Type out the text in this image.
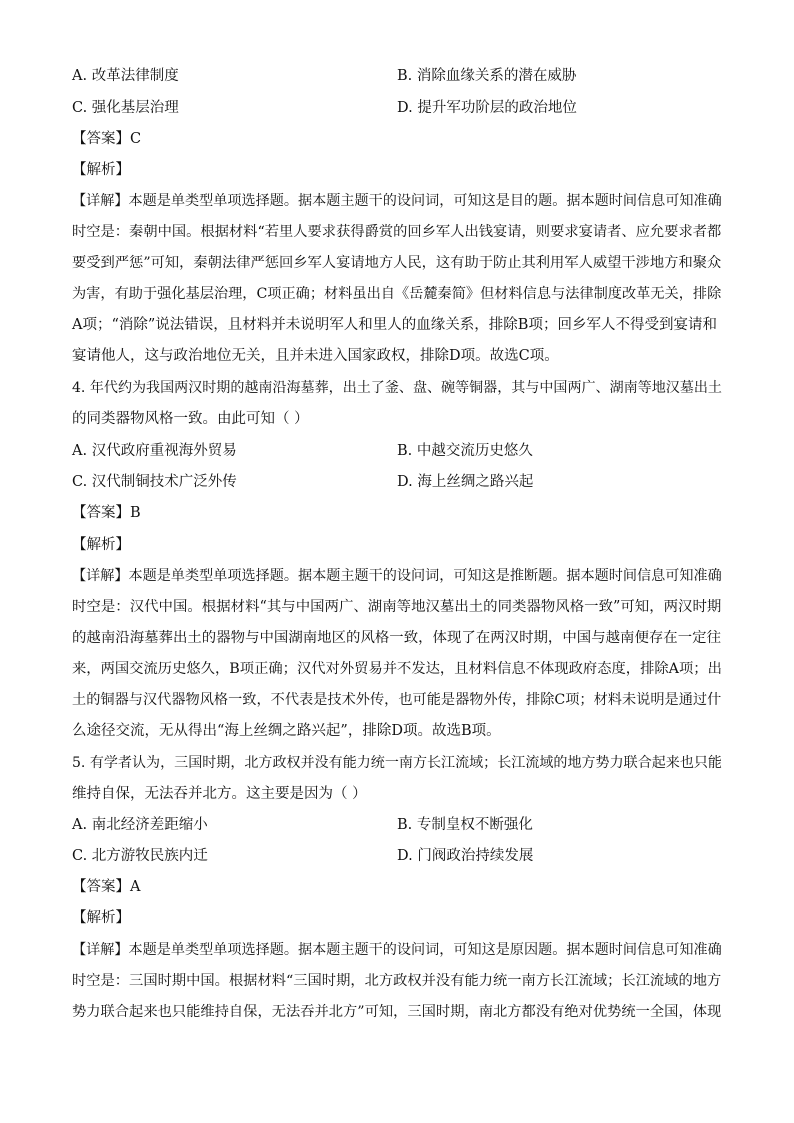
A. 改革法律制度	B. 消除血缘关系的潜在威胁
C. 强化基层治理	D. 提升军功阶层的政治地位
【答案】C
【解析】
【详解】本题是单类型单项选择题。据本题主题干的设问词，可知这是目的题。据本题时间信息可知准确
时空是：秦朝中国。根据材料“若里人要求获得爵赏的回乡军人出钱宴请，则要求宴请者、应允要求者都
要受到严惩”可知，秦朝法律严惩回乡军人宴请地方人民，这有助于防止其利用军人威望干涉地方和聚众
为害，有助于强化基层治理，C项正确；材料虽出自《岳麓秦简》但材料信息与法律制度改革无关，排除
A项；“消除”说法错误，且材料并未说明军人和里人的血缘关系，排除B项；回乡军人不得受到宴请和
宴请他人，这与政治地位无关，且并未进入国家政权，排除D项。故选C项。
4. 年代约为我国两汉时期的越南沿海墓葬，出土了釜、盘、碗等铜器，其与中国两广、湖南等地汉墓出土
的同类器物风格一致。由此可知（ ）
A. 汉代政府重视海外贸易	B. 中越交流历史悠久
C. 汉代制铜技术广泛外传	D. 海上丝绸之路兴起
【答案】B
【解析】
【详解】本题是单类型单项选择题。据本题主题干的设问词，可知这是推断题。据本题时间信息可知准确
时空是：汉代中国。根据材料“其与中国两广、湖南等地汉墓出土的同类器物风格一致”可知，两汉时期
的越南沿海墓葬出土的器物与中国湖南地区的风格一致，体现了在两汉时期，中国与越南便存在一定往
来，两国交流历史悠久，B项正确；汉代对外贸易并不发达，且材料信息不体现政府态度，排除A项；出
土的铜器与汉代器物风格一致，不代表是技术外传，也可能是器物外传，排除C项；材料未说明是通过什
么途径交流，无从得出“海上丝绸之路兴起”，排除D项。故选B项。
5. 有学者认为，三国时期，北方政权并没有能力统一南方长江流域；长江流域的地方势力联合起来也只能
维持自保，无法吞并北方。这主要是因为（ ）
A. 南北经济差距缩小	B. 专制皇权不断强化
C. 北方游牧民族内迁	D. 门阀政治持续发展
【答案】A
【解析】
【详解】本题是单类型单项选择题。据本题主题干的设问词，可知这是原因题。据本题时间信息可知准确
时空是：三国时期中国。根据材料“三国时期，北方政权并没有能力统一南方长江流域；长江流域的地方
势力联合起来也只能维持自保，无法吞并北方”可知，三国时期，南北方都没有绝对优势统一全国，体现
